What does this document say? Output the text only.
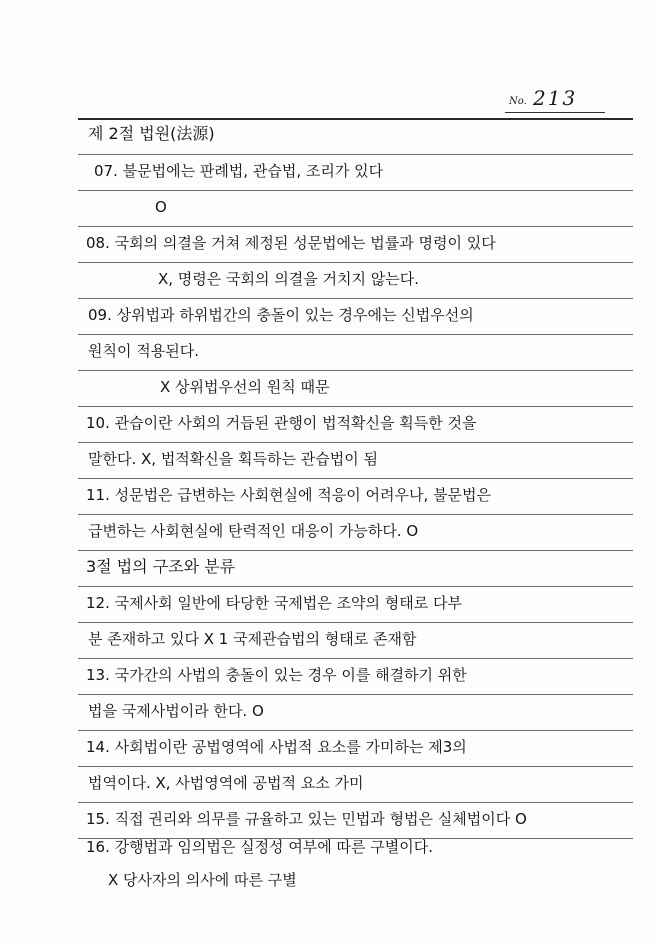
No. 213
제 2절 법원(法源)
07. 불문법에는 판례법, 관습법, 조리가 있다
O
08. 국회의 의결을 거쳐 제정된 성문법에는 법률과 명령이 있다
X, 명령은 국회의 의결을 거치지 않는다.
09. 상위법과 하위법간의 충돌이 있는 경우에는 신법우선의
원칙이 적용된다.
X 상위법우선의 원칙 때문
10. 관습이란 사회의 거듭된 관행이 법적확신을 획득한 것을
말한다. X, 법적확신을 획득하는 관습법이 됨
11. 성문법은 급변하는 사회현실에 적응이 어려우나, 불문법은
급변하는 사회현실에 탄력적인 대응이 가능하다. O
3절 법의 구조와 분류
12. 국제사회 일반에 타당한 국제법은 조약의 형태로 다부
분 존재하고 있다 X 1 국제관습법의 형태로 존재함
13. 국가간의 사법의 충돌이 있는 경우 이를 해결하기 위한
법을 국제사법이라 한다. O
14. 사회법이란 공법영역에 사법적 요소를 가미하는 제3의
법역이다. X, 사법영역에 공법적 요소 가미
15. 직접 권리와 의무를 규율하고 있는 민법과 형법은 실체법이다 O
16. 강행법과 임의법은 실정성 여부에 따른 구별이다.
X 당사자의 의사에 따른 구별
